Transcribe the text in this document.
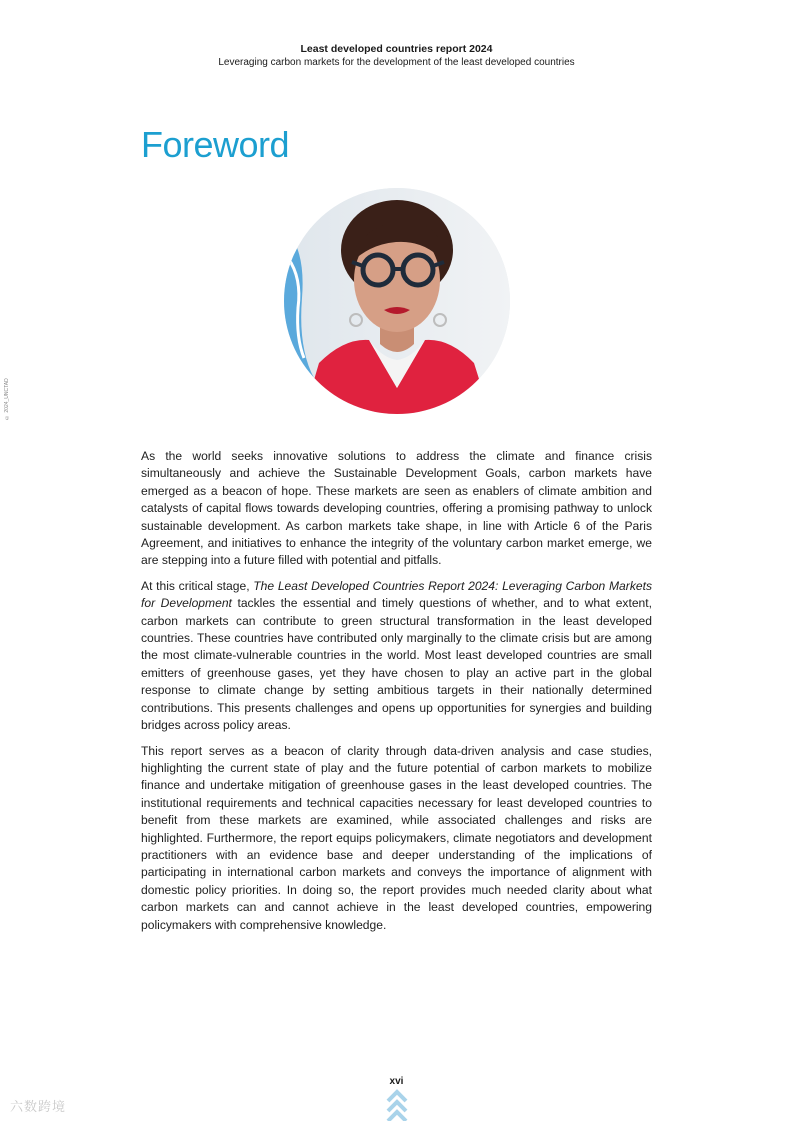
Least developed countries report 2024
Leveraging carbon markets for the development of the least developed countries
© 2024_UNCTAD
Foreword

As the world seeks innovative solutions to address the climate and finance crisis simultaneously and achieve the Sustainable Development Goals, carbon markets have emerged as a beacon of hope. These markets are seen as enablers of climate ambition and catalysts of capital flows towards developing countries, offering a promising pathway to unlock sustainable development. As carbon markets take shape, in line with Article 6 of the Paris Agreement, and initiatives to enhance the integrity of the voluntary carbon market emerge, we are stepping into a future filled with potential and pitfalls.

At this critical stage, The Least Developed Countries Report 2024: Leveraging Carbon Markets for Development tackles the essential and timely questions of whether, and to what extent, carbon markets can contribute to green structural transformation in the least developed countries. These countries have contributed only marginally to the climate crisis but are among the most climate-vulnerable countries in the world. Most least developed countries are small emitters of greenhouse gases, yet they have chosen to play an active part in the global response to climate change by setting ambitious targets in their nationally determined contributions. This presents challenges and opens up opportunities for synergies and building bridges across policy areas.

This report serves as a beacon of clarity through data-driven analysis and case studies, highlighting the current state of play and the future potential of carbon markets to mobilize finance and undertake mitigation of greenhouse gases in the least developed countries. The institutional requirements and technical capacities necessary for least developed countries to benefit from these markets are examined, while associated challenges and risks are highlighted. Furthermore, the report equips policymakers, climate negotiators and development practitioners with an evidence base and deeper understanding of the implications of participating in international carbon markets and conveys the importance of alignment with domestic policy priorities. In doing so, the report provides much needed clarity about what carbon markets can and cannot achieve in the least developed countries, empowering policymakers with comprehensive knowledge.

xvi
六数跨境
